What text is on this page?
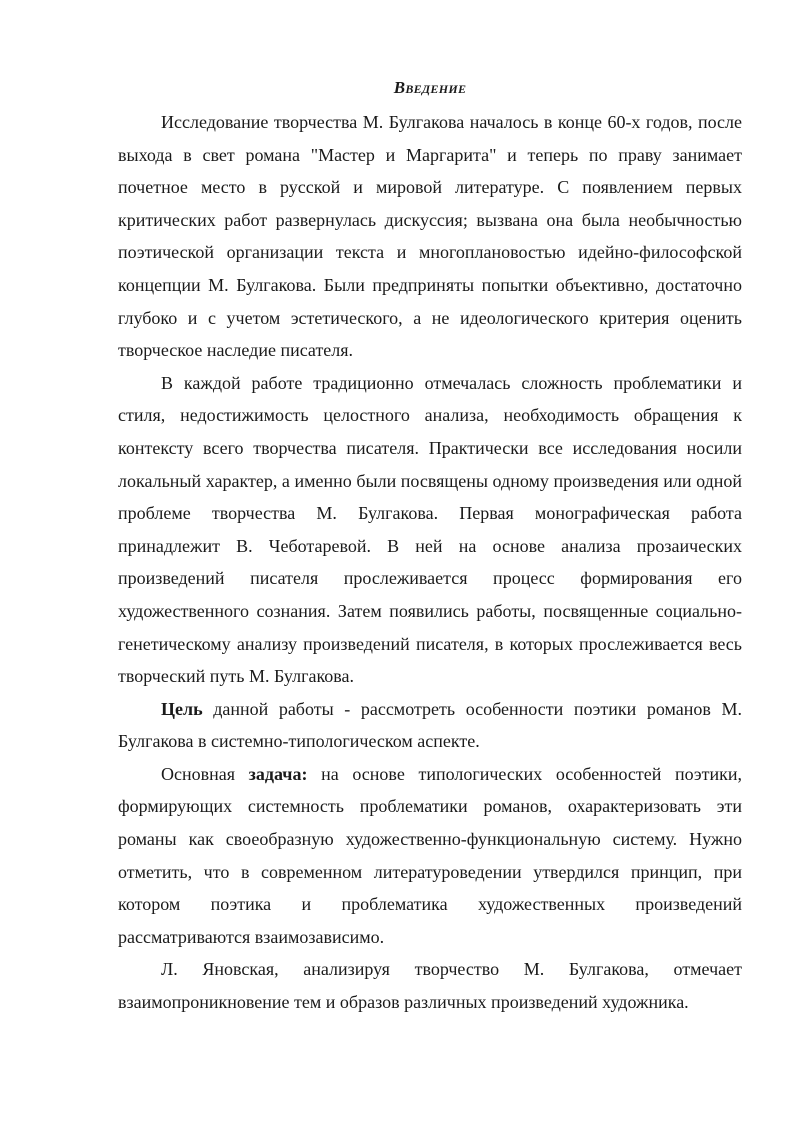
Введение

Исследование творчества М. Булгакова началось в конце 60-х годов, после выхода в свет романа "Мастер и Маргарита" и теперь по праву занимает почетное место в русской и мировой литературе. С появлением первых критических работ развернулась дискуссия; вызвана она была необычностью поэтической организации текста и многоплановостью идейно-философской концепции М. Булгакова. Были предприняты попытки объективно, достаточно глубоко и с учетом эстетического, а не идеологического критерия оценить творческое наследие писателя.

В каждой работе традиционно отмечалась сложность проблематики и стиля, недостижимость целостного анализа, необходимость обращения к контексту всего творчества писателя. Практически все исследования носили локальный характер, а именно были посвящены одному произведения или одной проблеме творчества М. Булгакова. Первая монографическая работа принадлежит В. Чеботаревой. В ней на основе анализа прозаических произведений писателя прослеживается процесс формирования его художественного сознания. Затем появились работы, посвященные социально-генетическому анализу произведений писателя, в которых прослеживается весь творческий путь М. Булгакова.

Цель данной работы - рассмотреть особенности поэтики романов М. Булгакова в системно-типологическом аспекте.

Основная задача: на основе типологических особенностей поэтики, формирующих системность проблематики романов, охарактеризовать эти романы как своеобразную художественно-функциональную систему. Нужно отметить, что в современном литературоведении утвердился принцип, при котором поэтика и проблематика художественных произведений рассматриваются взаимозависимо.

Л. Яновская, анализируя творчество М. Булгакова, отмечает взаимопроникновение тем и образов различных произведений художника.
